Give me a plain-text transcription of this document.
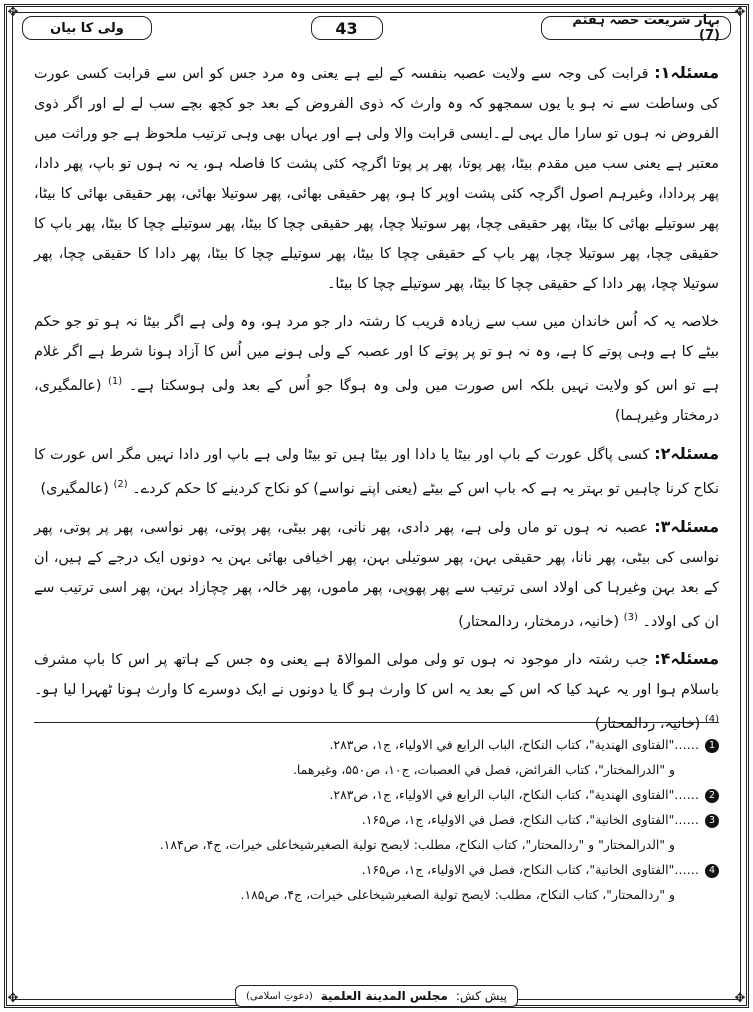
✥	✥
✥	✥
ولی کا بیان	43	بہار شریعت حصہ ہفتم (7)

مسئلہ۱: قرابت کی وجہ سے ولایت عصبہ بنفسہ کے لیے ہے یعنی وہ مرد جس کو اس سے قرابت کسی عورت کی وساطت سے نہ ہو یا یوں سمجھو کہ وہ وارث کہ ذوی الفروض کے بعد جو کچھ بچے سب لے لے اور اگر ذوی الفروض نہ ہوں تو سارا مال یہی لے۔ایسی قرابت والا ولی ہے اور یہاں بھی وہی ترتیب ملحوظ ہے جو وراثت میں معتبر ہے یعنی سب میں مقدم بیٹا، پھر پوتا، پھر پر پوتا اگرچہ کئی پشت کا فاصلہ ہو، یہ نہ ہوں تو باپ، پھر دادا، پھر پردادا، وغیرہم اصول اگرچہ کئی پشت اوپر کا ہو، پھر حقیقی بھائی، پھر سوتیلا بھائی، پھر حقیقی بھائی کا بیٹا، پھر سوتیلے بھائی کا بیٹا، پھر حقیقی چچا، پھر سوتیلا چچا، پھر حقیقی چچا کا بیٹا، پھر سوتیلے چچا کا بیٹا، پھر باپ کا حقیقی چچا، پھر سوتیلا چچا، پھر باپ کے حقیقی چچا کا بیٹا، پھر سوتیلے چچا کا بیٹا، پھر دادا کا حقیقی چچا، پھر سوتیلا چچا، پھر دادا کے حقیقی چچا کا بیٹا، پھر سوتیلے چچا کا بیٹا۔

خلاصہ یہ کہ اُس خاندان میں سب سے زیادہ قریب کا رشتہ دار جو مرد ہو، وہ ولی ہے اگر بیٹا نہ ہو تو جو حکم بیٹے کا ہے وہی پوتے کا ہے، وہ نہ ہو تو پر پوتے کا اور عصبہ کے ولی ہونے میں اُس کا آزاد ہونا شرط ہے اگر غلام ہے تو اس کو ولایت نہیں بلکہ اس صورت میں ولی وہ ہوگا جو اُس کے بعد ولی ہوسکتا ہے۔ $^{(1)}$ (عالمگیری، درمختار وغیرہما)

مسئلہ۲: کسی پاگل عورت کے باپ اور بیٹا یا دادا اور بیٹا ہیں تو بیٹا ولی ہے باپ اور دادا نہیں مگر اس عورت کا نکاح کرنا چاہیں تو بہتر یہ ہے کہ باپ اس کے بیٹے (یعنی اپنے نواسے) کو نکاح کردینے کا حکم کردے۔ $^{(2)}$ (عالمگیری)

مسئلہ۳: عصبہ نہ ہوں تو ماں ولی ہے، پھر دادی، پھر نانی، پھر بیٹی، پھر پوتی، پھر نواسی، پھر پر پوتی، پھر نواسی کی بیٹی، پھر نانا، پھر حقیقی بہن، پھر سوتیلی بہن، پھر اخیافی بھائی بہن یہ دونوں ایک درجے کے ہیں، ان کے بعد بہن وغیرہا کی اولاد اسی ترتیب سے پھر پھوپی، پھر ماموں، پھر خالہ، پھر چچازاد بہن، پھر اسی ترتیب سے ان کی اولاد۔ $^{(3)}$ (خانیہ، درمختار، ردالمحتار)

مسئلہ۴: جب رشتہ دار موجود نہ ہوں تو ولی مولی الموالاۃ ہے یعنی وہ جس کے ہاتھ پر اس کا باپ مشرف باسلام ہوا اور یہ عہد کیا کہ اس کے بعد یہ اس کا وارث ہو گا یا دونوں نے ایک دوسرے کا وارث ہونا ٹھہرا لیا ہو۔ $^{(4)}$ (خانیہ، ردالمحتار)

1 ……"الفتاوی الهندية"، كتاب النكاح، الباب الرابع في الاولياء، ج۱، ص۲۸۳.

و "الدرالمختار"، كتاب الفرائض، فصل في العصبات، ج۱۰، ص۵۵۰، وغيرهما.

2 ……"الفتاوی الهندية"، كتاب النكاح، الباب الرابع في الاولياء، ج۱، ص۲۸۳.

3 ……"الفتاوی الخانية"، كتاب النكاح، فصل في الاولياء، ج۱، ص۱۶۵.

و "الدرالمختار" و "ردالمحتار"، كتاب النكاح، مطلب: لايصح تولية الصغيرشيخاعلى خيرات، ج۴، ص۱۸۴.

4 ……"الفتاوی الخانية"، كتاب النكاح، فصل في الاولياء، ج۱، ص۱۶۵.

و "ردالمحتار"، كتاب النكاح، مطلب: لايصح تولية الصغيرشيخاعلى خيرات، ج۴، ص۱۸۵.

پیش کش:
مجلس المدينة العلمية
(دعوتِ اسلامی)
